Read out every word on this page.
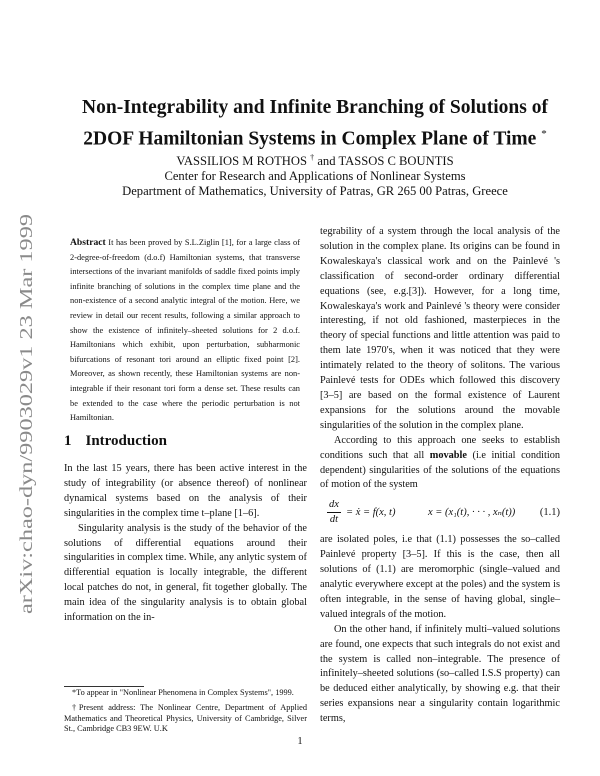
arXiv:chao-dyn/9903029v1 23 Mar 1999
Non-Integrability and Infinite Branching of Solutions of
2DOF Hamiltonian Systems in Complex Plane of Time *
VASSILIOS M ROTHOS † and TASSOS C BOUNTIS
Center for Research and Applications of Nonlinear Systems
Department of Mathematics, University of Patras, GR 265 00 Patras, Greece
Abstract It has been proved by S.L.Ziglin [1], for a large class of 2-degree-of-freedom (d.o.f) Hamiltonian systems, that transverse intersections of the invariant manifolds of saddle fixed points imply infinite branching of solutions in the complex time plane and the non-existence of a second analytic integral of the motion. Here, we review in detail our recent results, following a similar approach to show the existence of infinitely–sheeted solutions for 2 d.o.f. Hamiltonians which exhibit, upon perturbation, subharmonic bifurcations of resonant tori around an elliptic fixed point [2]. Moreover, as shown recently, these Hamiltonian systems are non-integrable if their resonant tori form a dense set. These results can be extended to the case where the periodic perturbation is not Hamiltonian.
1 Introduction

In the last 15 years, there has been active interest in the study of integrability (or absence thereof) of nonlinear dynamical systems based on the analysis of their singularities in the complex time t–plane [1–6].

Singularity analysis is the study of the behavior of the solutions of differential equations around their singularities in complex time. While, any anlytic system of differential equation is locally integrable, the different local patches do not, in general, fit together globally. The main idea of the singularity analysis is to obtain global information on the in-

*To appear in "Nonlinear Phenomena in Complex Systems", 1999.

†Present address: The Nonlinear Centre, Department of Applied Mathematics and Theoretical Physics, University of Cambridge, Silver St., Cambridge CB3 9EW. U.K

tegrability of a system through the local analysis of the solution in the complex plane. Its origins can be found in Kowaleskaya's classical work and on the Painlevé 's classification of second-order ordinary differential equations (see, e.g.[3]). However, for a long time, Kowaleskaya's work and Painlevé 's theory were consider interesting, if not old fashioned, masterpieces in the theory of special functions and little attention was paid to them late 1970's, when it was noticed that they were intimately related to the theory of solitons. The various Painlevé tests for ODEs which followed this discovery [3–5] are based on the formal existence of Laurent expansions for the solutions around the movable singularities of the solution in the complex plane.

According to this approach one seeks to establish conditions such that all movable (i.e initial condition dependent) singularities of the solutions of the equations of motion of the system

dx
dt
= ẋ = f(x, t)	x = (x₁(t), · · · , xₙ(t)) (1.1)

are isolated poles, i.e that (1.1) possesses the so–called Painlevé property [3–5]. If this is the case, then all solutions of (1.1) are meromorphic (single–valued and analytic everywhere except at the poles) and the system is often integrable, in the sense of having global, single–valued integrals of the motion.

On the other hand, if infinitely multi–valued solutions are found, one expects that such integrals do not exist and the system is called non–integrable. The presence of infinitely–sheeted solutions (so–called I.S.S property) can be deduced either analytically, by showing e.g. that their series expansions near a singularity contain logarithmic terms,

1
